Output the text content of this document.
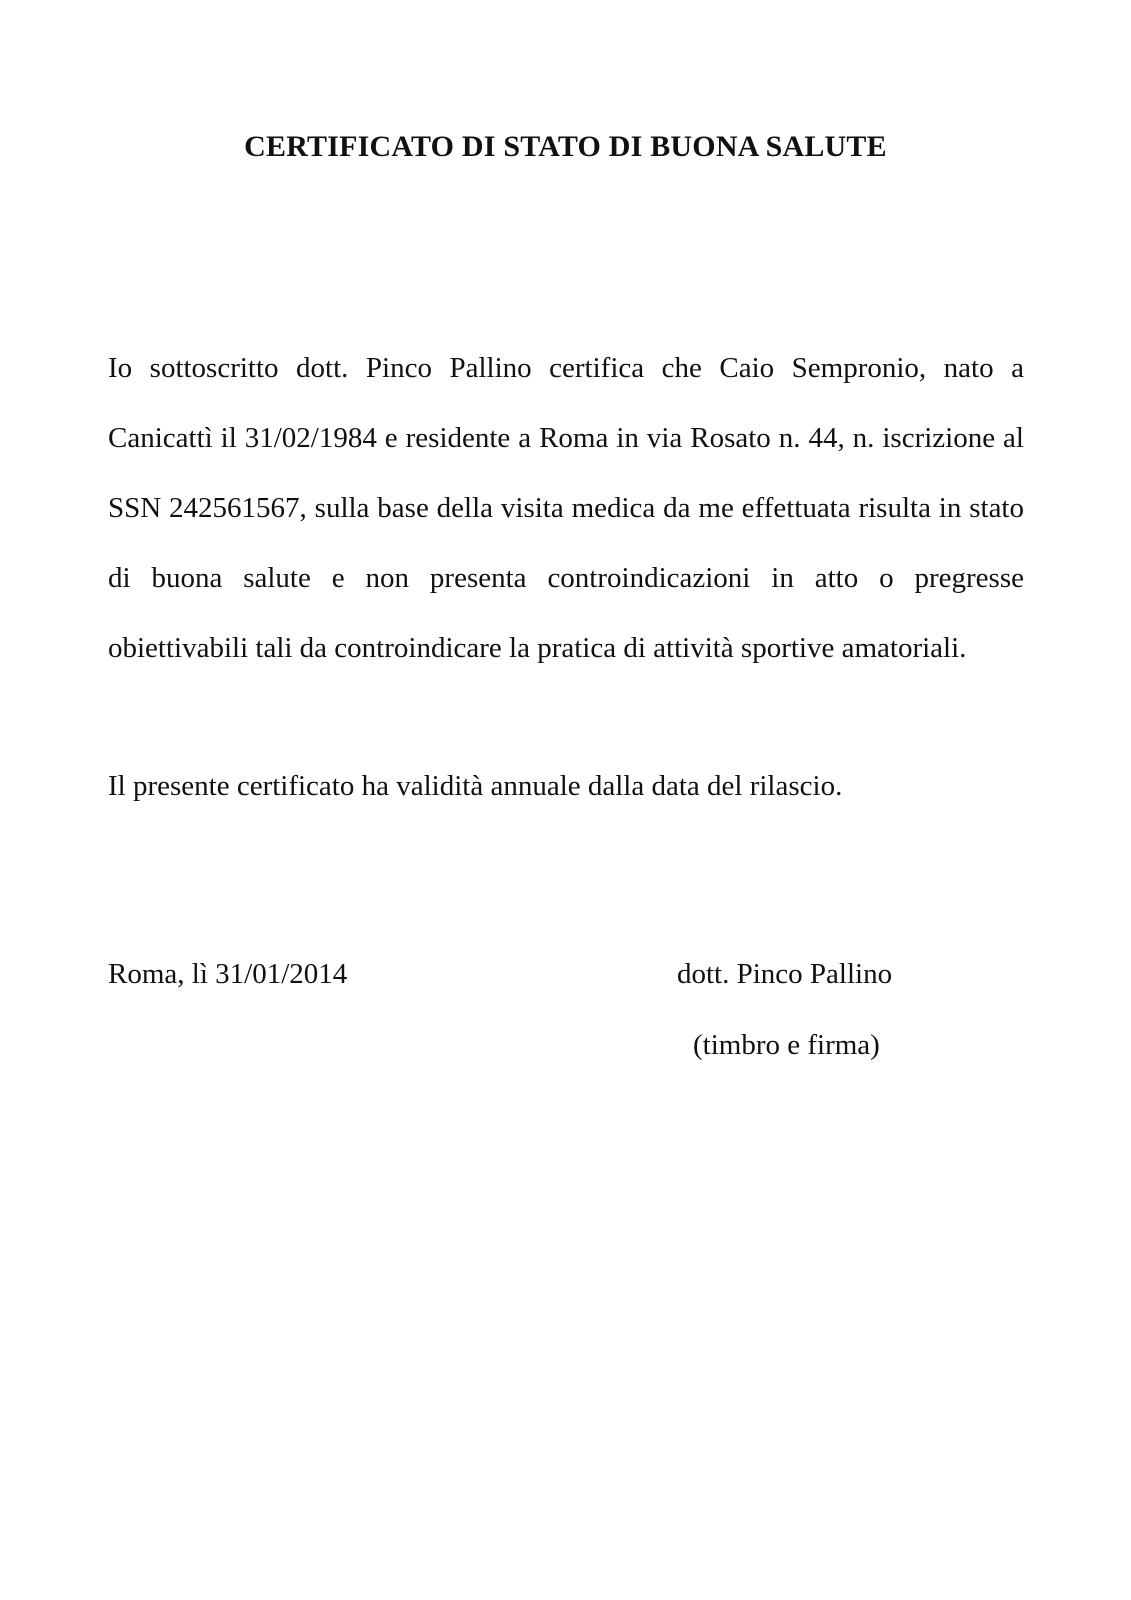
CERTIFICATO DI STATO DI BUONA SALUTE

Io sottoscritto dott. Pinco Pallino certifica che Caio Sempronio, nato a Canicattì il 31/02/1984 e residente a Roma in via Rosato n. 44, n. iscrizione al SSN 242561567, sulla base della visita medica da me effettuata risulta in stato di buona salute e non presenta controindicazioni in atto o pregresse obiettivabili tali da controindicare la pratica di attività sportive amatoriali.

Il presente certificato ha validità annuale dalla data del rilascio.

Roma, lì 31/01/2014	dott. Pinco Pallino

(timbro e firma)
